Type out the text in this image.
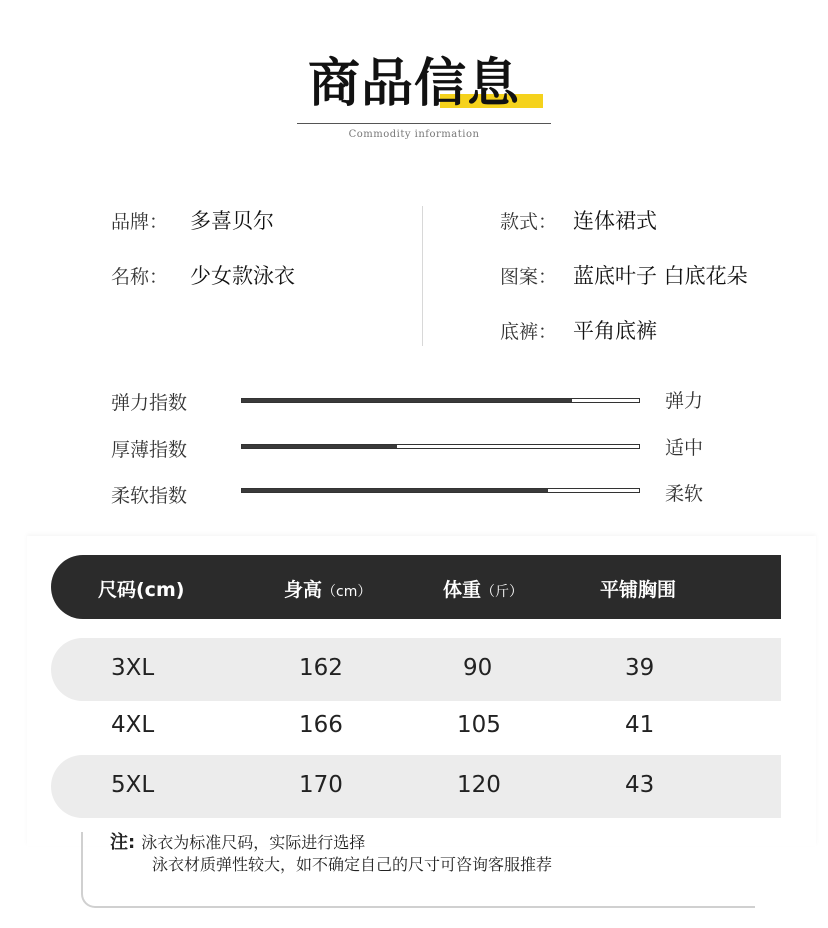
商品信息
Commodity information
品牌： 多喜贝尔
名称： 少女款泳衣
款式： 连体裙式
图案： 蓝底叶子 白底花朵
底裤： 平角底裤
弹力指数	弹力
厚薄指数	适中
柔软指数	柔软
尺码(cm)	身高（cm）	体重（斤）	平铺胸围
3XL	162	90	39
4XL	166	105	41
5XL	170	120	43
注: 泳衣为标准尺码，实际进行选择
泳衣材质弹性较大，如不确定自己的尺寸可咨询客服推荐
